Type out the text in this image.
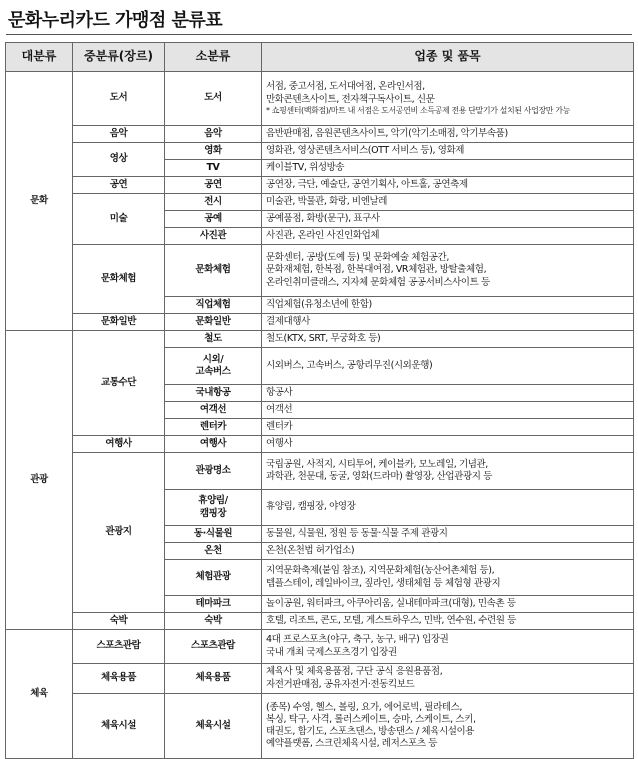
문화누리카드 가맹점 분류표
대분류	중분류(장르)	소분류	업종 및 품목
문화	도서	도서	서점, 중고서점, 도서대여점, 온라인서점,
만화콘텐츠사이트, 전자책구독사이트, 신문
* 쇼핑센터(백화점)/마트 내 서점은 도서공연비 소득공제 전용 단말기가 설치된 사업장만 가능

	음악	음악	음반판매점, 음원콘텐츠사이트, 악기(악기소매점, 악기부속품)
	영상	영화	영화관, 영상콘텐츠서비스(OTT 서비스 등), 영화제
		TV	케이블TV, 위성방송
	공연	공연	공연장, 극단, 예술단, 공연기획사, 아트홀, 공연축제
	미술	전시	미술관, 박물관, 화랑, 비엔날레
		공예	공예품점, 화방(문구), 표구사
		사진관	사진관, 온라인 사진인화업체
	문화체험	문화체험	문화센터, 공방(도예 등) 및 문화예술 체험공간,
문화재체험, 한복점, 한복대여점, VR체험관, 방탈출체험,
온라인취미클래스, 지자체 문화체험 공공서비스사이트 등
		직업체험	직업체험(유청소년에 한함)
	문화일반	문화일반	결제대행사
관광	교통수단	철도	철도(KTX, SRT, 무궁화호 등)
		시외/
고속버스	시외버스, 고속버스, 공항리무진(시외운행)
		국내항공	항공사
		여객선	여객선
		렌터카	렌터카
	여행사	여행사	여행사
	관광지	관광명소	국립공원, 사적지, 시티투어, 케이블카, 모노레일, 기념관,
과학관, 천문대, 동굴, 영화(드라마) 촬영장, 산업관광지 등
		휴양림/
캠핑장	휴양림, 캠핑장, 야영장
		동·식물원	동물원, 식물원, 정원 등 동물·식물 주제 관광지
		온천	온천(온천법 허가업소)
		체험관광	지역문화축제(붙임 참조), 지역문화체험(농산어촌체험 등),
템플스테이, 레일바이크, 짚라인, 생태체험 등 체험형 관광지
		테마파크	놀이공원, 워터파크, 아쿠아리움, 실내테마파크(대형), 민속촌 등
	숙박	숙박	호텔, 리조트, 콘도, 모텔, 게스트하우스, 민박, 연수원, 수련원 등
체육	스포츠관람	스포츠관람	4대 프로스포츠(야구, 축구, 농구, 배구) 입장권
국내 개최 국제스포츠경기 입장권
	체육용품	체육용품	체육사 및 체육용품점, 구단 공식 응원용품점,
자전거판매점, 공유자전거·전동킥보드
	체육시설	체육시설	(종목) 수영, 헬스, 볼링, 요가, 에어로빅, 필라테스,
복싱, 탁구, 사격, 롤러스케이트, 승마, 스케이트, 스키,
태권도, 합기도, 스포츠댄스, 방송댄스 / 체육시설이용
예약플랫폼, 스크린체육시설, 레저스포츠 등
